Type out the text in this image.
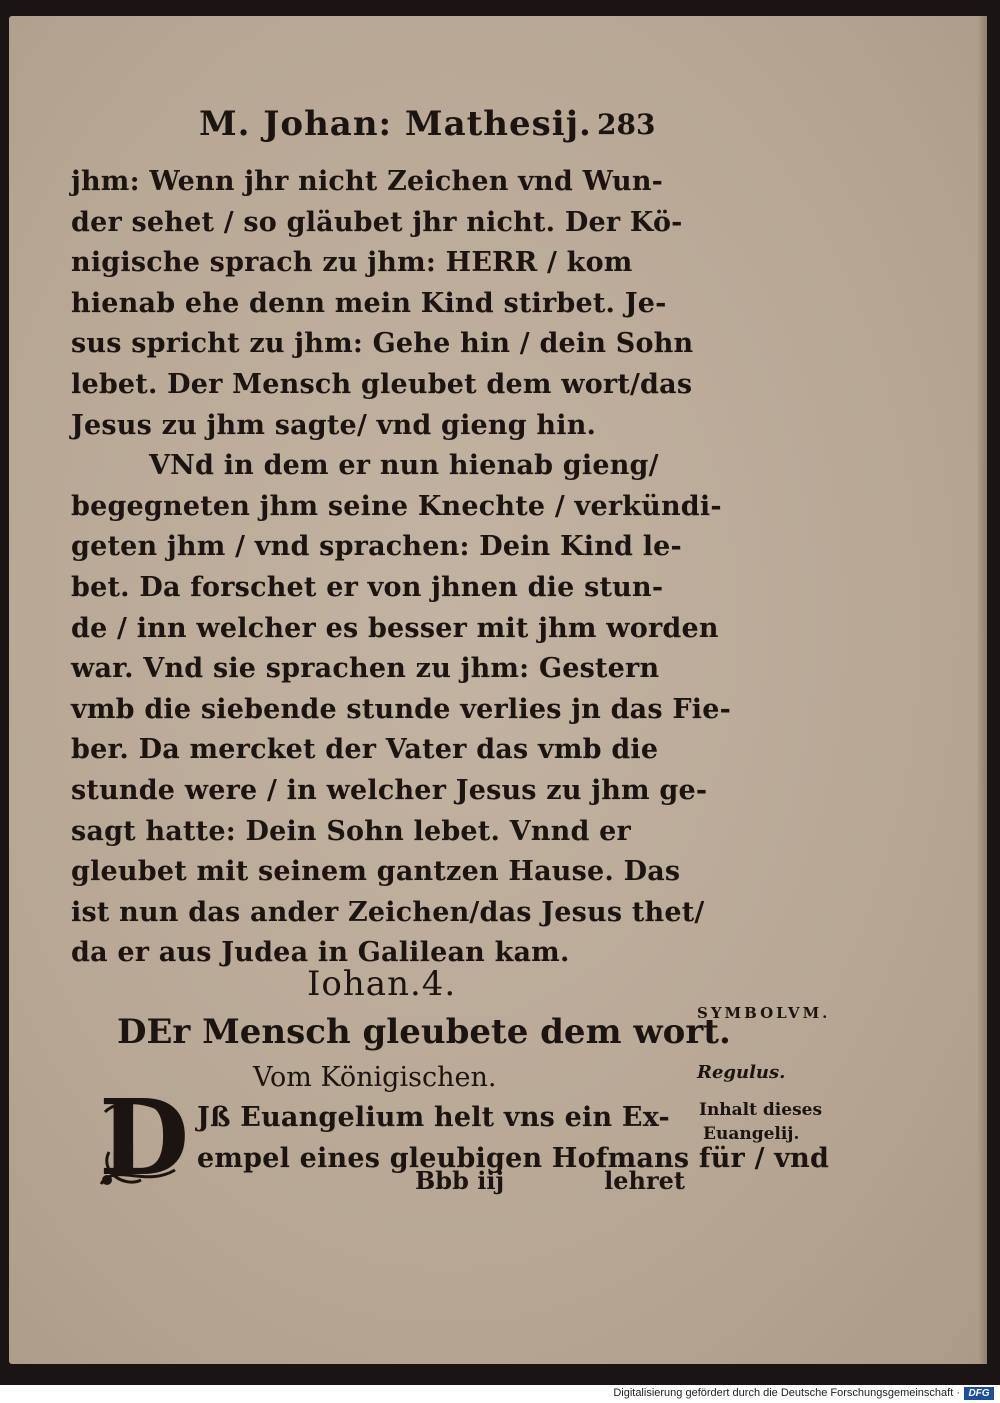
M. Johan: Mathesij. 283
jhm: Wenn jhr nicht Zeichen vnd Wun-
der sehet / so gläubet jhr nicht. Der Kö-
nigische sprach zu jhm: HERR / kom
hienab ehe denn mein Kind stirbet. Je-
sus spricht zu jhm: Gehe hin / dein Sohn
lebet. Der Mensch gleubet dem wort/das
Jesus zu jhm sagte/ vnd gieng hin.
VNd in dem er nun hienab gieng/
begegneten jhm seine Knechte / verkündi-
geten jhm / vnd sprachen: Dein Kind le-
bet. Da forschet er von jhnen die stun-
de / inn welcher es besser mit jhm worden
war. Vnd sie sprachen zu jhm: Gestern
vmb die siebende stunde verlies jn das Fie-
ber. Da mercket der Vater das vmb die
stunde were / in welcher Jesus zu jhm ge-
sagt hatte: Dein Sohn lebet. Vnnd er
gleubet mit seinem gantzen Hause. Das
ist nun das ander Zeichen/das Jesus thet/
da er aus Judea in Galilean kam.
Iohan.4.
DEr Mensch gleubete dem wort.
Vom Königischen.
D Jß Euangelium helt vns ein Ex-
empel eines gleubigen Hofmans für / vnd
Bbb iij	lehret
SYMBOLVM.
Regulus.
Inhalt dieses
Euangelij.
Digitalisierung gefördert durch die Deutsche Forschungsgemeinschaft · DFG
